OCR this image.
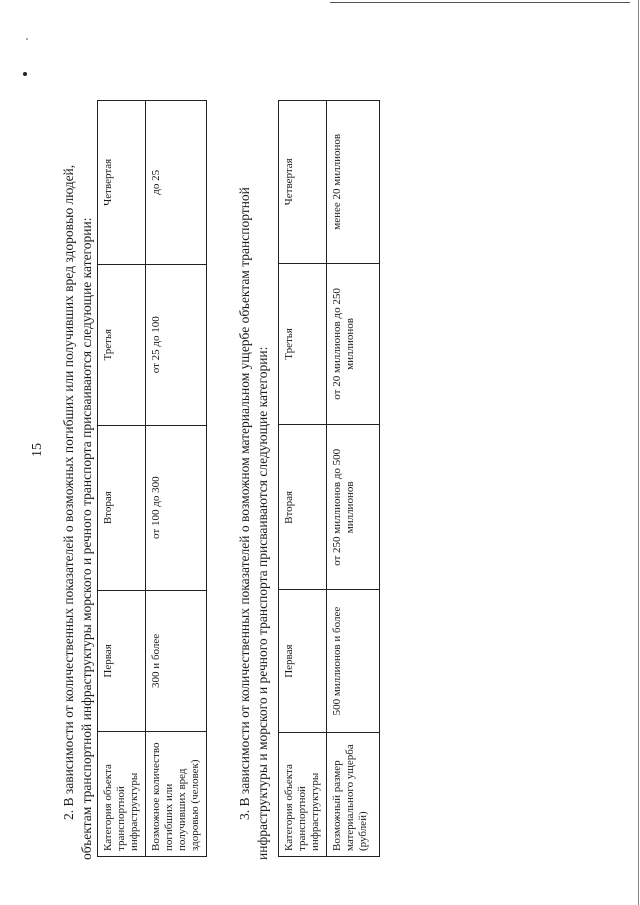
15 2. В зависимости от количественных показателей о возможных погибших или получивших вред здоровью людей, объектам транспортной инфраструктуры морского и речного транспорта присваиваются следующие категории: Категория объекта транспортной инфраструктуры	Первая	Вторая	Третья	Четвертая
Возможное количество погибших или получивших вред здоровью (человек)	300 и более	от 100 до 300	от 25 до 100	до 25
3. В зависимости от количественных показателей о возможном материальном ущербе объектам транспортной инфраструктуры и морского и речного транспорта присваиваются следующие категории: Категория объекта транспортной инфраструктуры	Первая	Вторая	Третья	Четвертая
Возможный размер материального ущерба (рублей)	500 миллионов и более	от 250 миллионов до 500 миллионов	от 20 миллионов до 250 миллионов	менее 20 миллионов
